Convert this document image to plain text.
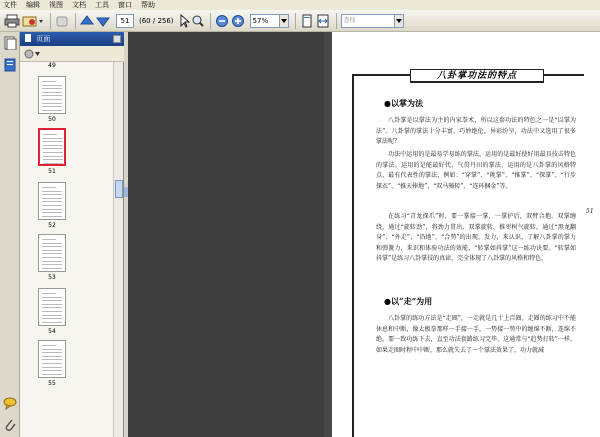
文件 编辑 视图 文档 工具 窗口 帮助
51	(60 / 256)	57%	查找
页面
49
50
51
52
53
54
55
八卦掌功法的特点
●以掌为法
八卦掌是以掌法为主的内家拳术，所以这套功法的特色之一是“以掌为法”。八卦掌的掌法十分丰富，巧妙绝伦，异彩纷呈，功法中又选用了很多掌法呢？
功法中运用的是最易学易练的掌法，运用的是最好使好用最具技击特色的掌法。运用的是能最好代、气贯丹田的掌法，运用的是八卦掌的风格特点、最有代表性的掌法，例如：“穿掌”、“挑掌”、“推掌”、“探掌”、“行步探衣”、“推天捧地”、“双马骑转”、“连环捆金”等。
在练习“青龙探爪”时，要一掌接一掌，一掌护后，双臂合抱。双掌缠绕，通过“旋转劲”，将劲力贯出，双掌旋转，推枣树气旋转，通过“黑龙翻身”、“外走”、“沿地”、“合势”的出现，发力，来认识、了解八卦掌的掌力和弹簧力，来识和体验功法的效能，“转掌如抖掌”这一练功诀要。“转掌如抖掌”是练习八卦掌技的真谛，完全体现了八卦掌的风格和特色。
●以“走”为用
八卦掌的练功方法是“走圈”，一走就是几十上百圈。走圈的练习中不能休息和中断，像太极拳那样一手接一手，一势接一势中的缠绵不断，连绵不绝，要一致功练下去，直至功法套路练习完毕，这通常与“趋势打转”一样，如果走圈时程中中断，那么就失去了一个掌法效果了，功力就减
51
